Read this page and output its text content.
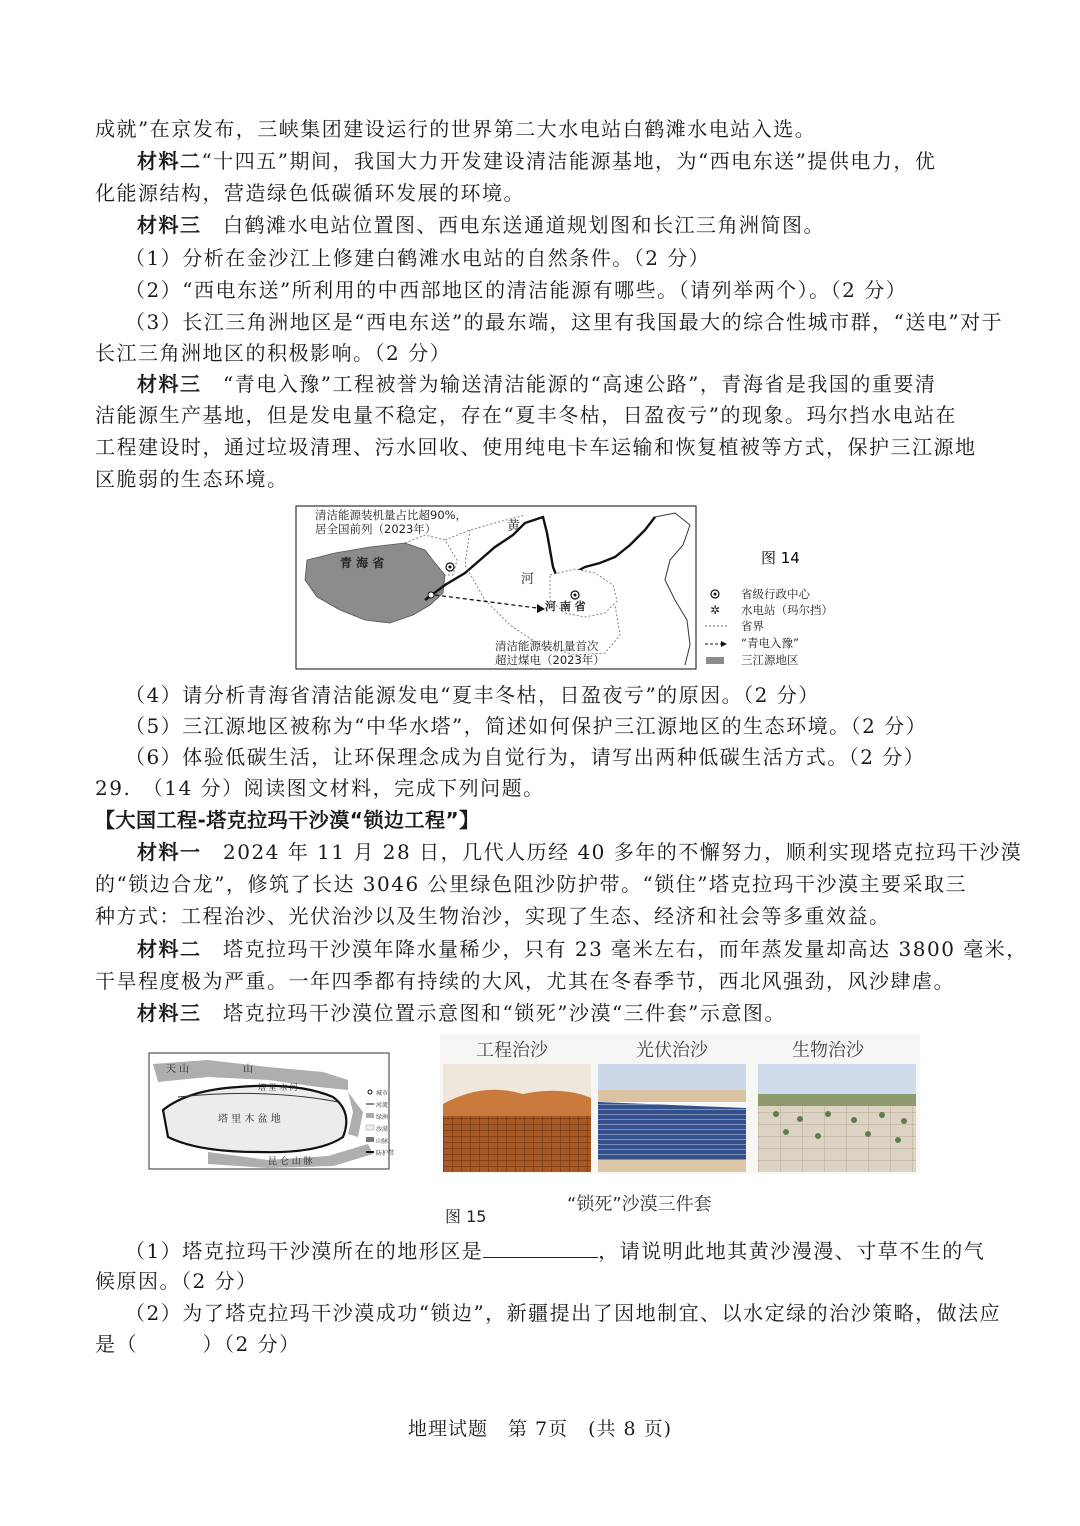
成就”在京发布，三峡集团建设运行的世界第二大水电站白鹤滩水电站入选。
材料二“十四五”期间，我国大力开发建设清洁能源基地，为“西电东送”提供电力，优
化能源结构，营造绿色低碳循环发展的环境。
材料三　 白鹤滩水电站位置图、西电东送通道规划图和长江三角洲简图。
（1）分析在金沙江上修建白鹤滩水电站的自然条件。（2 分）
（2）“西电东送”所利用的中西部地区的清洁能源有哪些。（请列举两个）。（2 分）
（3）长江三角洲地区是“西电东送”的最东端，这里有我国最大的综合性城市群，“送电”对于
长江三角洲地区的积极影响。（2 分）
材料三　 “青电入豫”工程被誉为输送清洁能源的“高速公路”，青海省是我国的重要清
洁能源生产基地，但是发电量不稳定，存在“夏丰冬枯，日盈夜亏”的现象。玛尔挡水电站在
工程建设时，通过垃圾清理、污水回收、使用纯电卡车运输和恢复植被等方式，保护三江源地
区脆弱的生态环境。
清洁能源装机量占比超90%，
居全国前列（2023年）
青 海 省
河 南 省
黄
河
清洁能源装机量首次
超过煤电（2023年）
图 14
省级行政中心
✲ 水电站（玛尔挡）
省界
“青电入豫”
三江源地区
（4）请分析青海省清洁能源发电“夏丰冬枯，日盈夜亏”的原因。（2 分）
（5）三江源地区被称为“中华水塔”，简述如何保护三江源地区的生态环境。（2 分）
（6）体验低碳生活，让环保理念成为自觉行为，请写出两种低碳生活方式。（2 分）
29.　（14 分）阅读图文材料，完成下列问题。
【大国工程-塔克拉玛干沙漠“锁边工程”】
材料一　 2024 年 11 月 28 日，几代人历经 40 多年的不懈努力，顺利实现塔克拉玛干沙漠
的“锁边合龙”，修筑了长达 3046 公里绿色阻沙防护带。“锁住”塔克拉玛干沙漠主要采取三
种方式：工程治沙、光伏治沙以及生物治沙，实现了生态、经济和社会等多重效益。
材料二　 塔克拉玛干沙漠年降水量稀少，只有 23 毫米左右，而年蒸发量却高达 3800 毫米，
干旱程度极为严重。一年四季都有持续的大风，尤其在冬春季节，西北风强劲，风沙肆虐。
材料三　 塔克拉玛干沙漠位置示意图和“锁死”沙漠“三件套”示意图。
天 山	山
塔 里 木 河
塔 里 木 盆 地
昆 仑 山 脉
城市
河流
绿洲
沙漠
山脉
防护带
工程治沙	光伏治沙	生物治沙
“锁死”沙漠三件套
图 15
（1）塔克拉玛干沙漠所在的地形区是	，请说明此地其黄沙漫漫、寸草不生的气
候原因。（2 分）
（2）为了塔克拉玛干沙漠成功“锁边”，新疆提出了因地制宜、以水定绿的治沙策略，做法应
是（　　　）（2 分）
地理试题　第 7页　(共 8 页)
